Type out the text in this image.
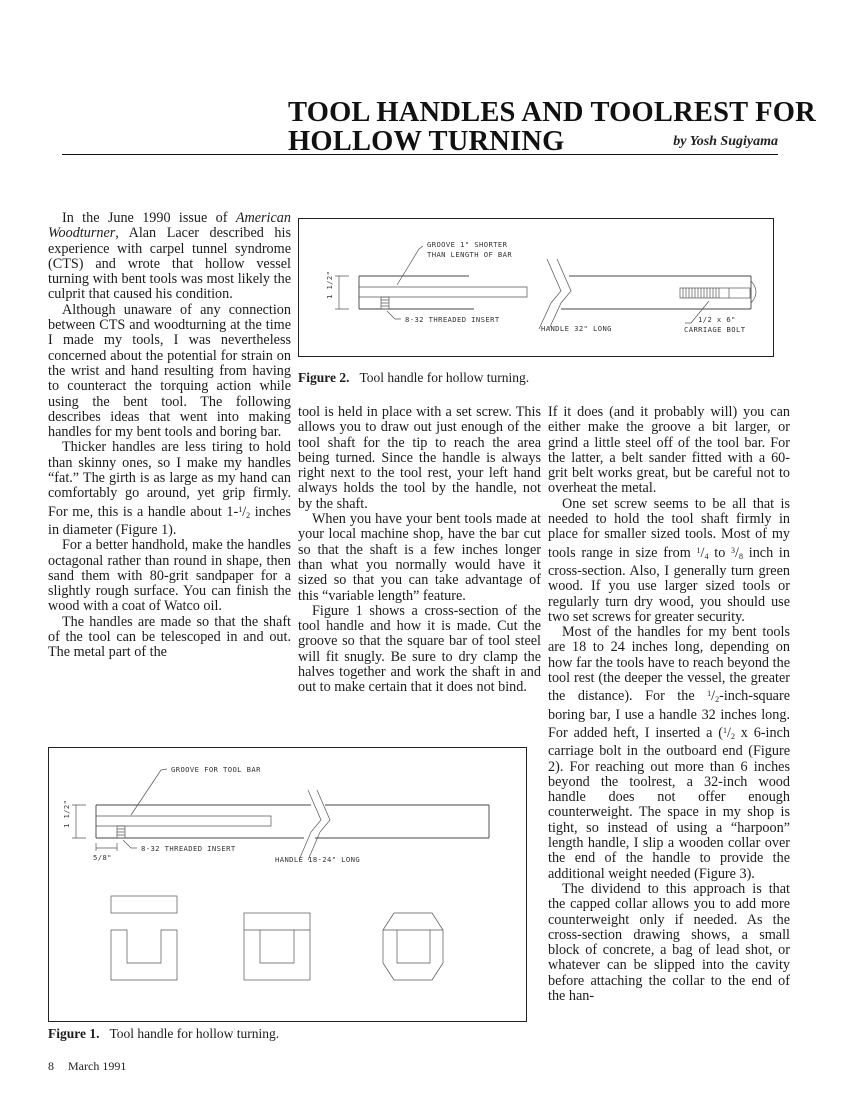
TOOL HANDLES AND TOOLREST FOR
HOLLOW TURNING	by Yosh Sugiyama

In the June 1990 issue of American Woodturner, Alan Lacer described his experience with carpel tunnel syndrome (CTS) and wrote that hollow vessel turning with bent tools was most likely the culprit that caused his condition.

Although unaware of any connection between CTS and woodturning at the time I made my tools, I was nevertheless concerned about the potential for strain on the wrist and hand resulting from having to counteract the torquing action while using the bent tool. The following describes ideas that went into making handles for my bent tools and boring bar.

Thicker handles are less tiring to hold than skinny ones, so I make my handles “fat.” The girth is as large as my hand can comfortably go around, yet grip firmly. For me, this is a handle about $1-^1/_2$ inches in diameter (Figure 1).

For a better handhold, make the handles octagonal rather than round in shape, then sand them with 80-grit sandpaper for a slightly rough surface. You can finish the wood with a coat of Watco oil.

The handles are made so that the shaft of the tool can be telescoped in and out. The metal part of the

1 1/2"
GROOVE 1" SHORTER
THAN LENGTH OF BAR
8-32 THREADED INSERT
HANDLE 32" LONG
1/2 x 6"
CARRIAGE BOLT
Figure 2. Tool handle for hollow turning.

tool is held in place with a set screw. This allows you to draw out just enough of the tool shaft for the tip to reach the area being turned. Since the handle is always right next to the tool rest, your left hand always holds the tool by the handle, not by the shaft.

When you have your bent tools made at your local machine shop, have the bar cut so that the shaft is a few inches longer than what you normally would have it sized so that you can take advantage of this “variable length” feature.

Figure 1 shows a cross-section of the tool handle and how it is made. Cut the groove so that the square bar of tool steel will fit snugly. Be sure to dry clamp the halves together and work the shaft in and out to make certain that it does not bind.

If it does (and it probably will) you can either make the groove a bit larger, or grind a little steel off of the tool bar. For the latter, a belt sander fitted with a 60-grit belt works great, but be careful not to overheat the metal.

One set screw seems to be all that is needed to hold the tool shaft firmly in place for smaller sized tools. Most of my tools range in size from $^1/_4$ to $^3/_8$ inch in cross-section. Also, I generally turn green wood. If you use larger sized tools or regularly turn dry wood, you should use two set screws for greater security.

Most of the handles for my bent tools are 18 to 24 inches long, depending on how far the tools have to reach beyond the tool rest (the deeper the vessel, the greater the distance). For the $^1/_2-inch$-square boring bar, I use a handle 32 inches long. For added heft, I inserted a ($^1/_2$ x 6-inch carriage bolt in the outboard end (Figure 2). For reaching out more than 6 inches beyond the toolrest, a 32-inch wood handle does not offer enough counterweight. The space in my shop is tight, so instead of using a “harpoon” length handle, I slip a wooden collar over the end of the handle to provide the additional weight needed (Figure 3).

The dividend to this approach is that the capped collar allows you to add more counterweight only if needed. As the cross-section drawing shows, a small block of concrete, a bag of lead shot, or whatever can be slipped into the cavity before attaching the collar to the end of the han-

1 1/2"
5/8"
GROOVE FOR TOOL BAR
8-32 THREADED INSERT
HANDLE 18-24" LONG
Figure 1. Tool handle for hollow turning.
8 March 1991
